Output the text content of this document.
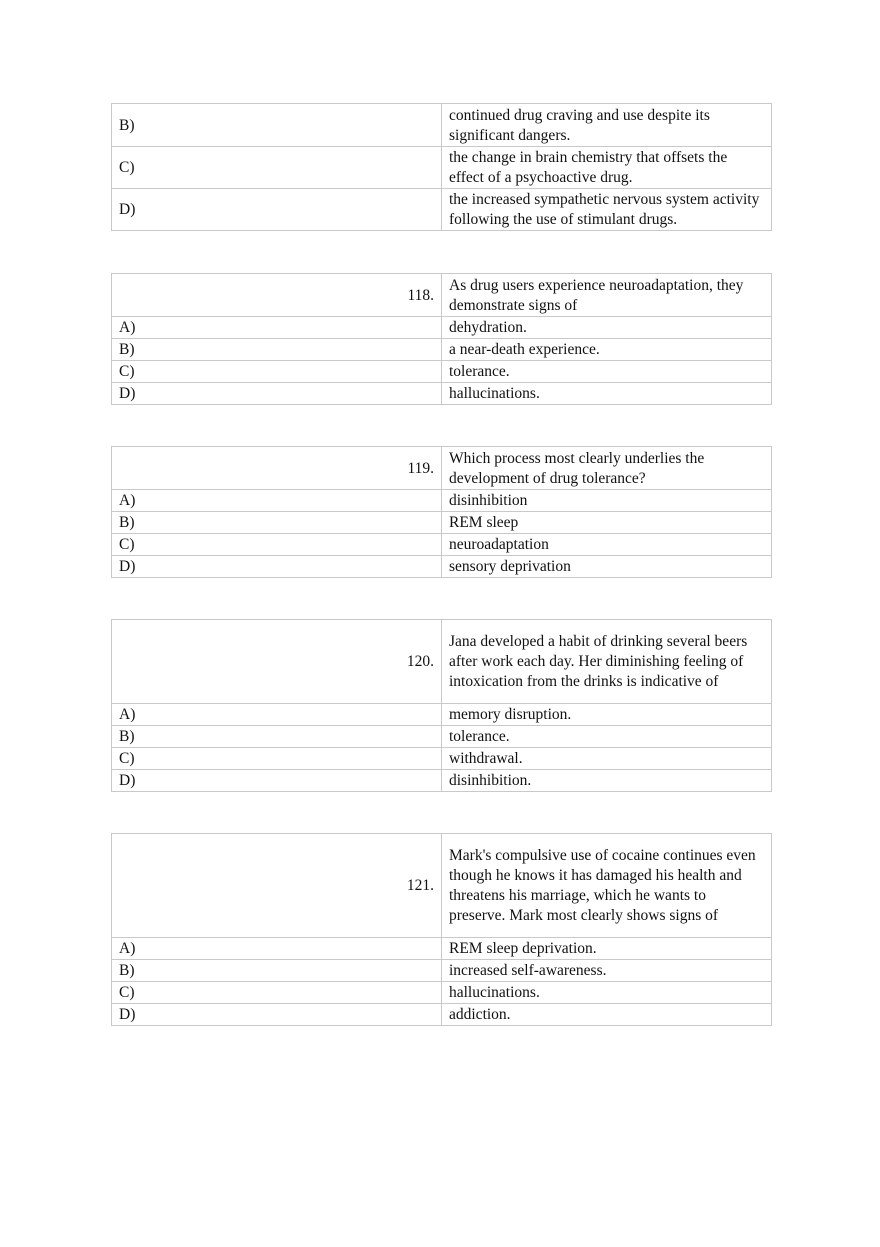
B)	continued drug craving and use despite its significant dangers.
C)	the change in brain chemistry that offsets the effect of a psychoactive drug.
D)	the increased sympathetic nervous system activity following the use of stimulant drugs.
118.	As drug users experience neuroadaptation, they demonstrate signs of
A)	dehydration.
B)	a near-death experience.
C)	tolerance.
D)	hallucinations.
119.	Which process most clearly underlies the development of drug tolerance?
A)	disinhibition
B)	REM sleep
C)	neuroadaptation
D)	sensory deprivation
120.	Jana developed a habit of drinking several beers after work each day. Her diminishing feeling of intoxication from the drinks is indicative of
A)	memory disruption.
B)	tolerance.
C)	withdrawal.
D)	disinhibition.
121.	Mark's compulsive use of cocaine continues even though he knows it has damaged his health and threatens his marriage, which he wants to preserve. Mark most clearly shows signs of
A)	REM sleep deprivation.
B)	increased self-awareness.
C)	hallucinations.
D)	addiction.
